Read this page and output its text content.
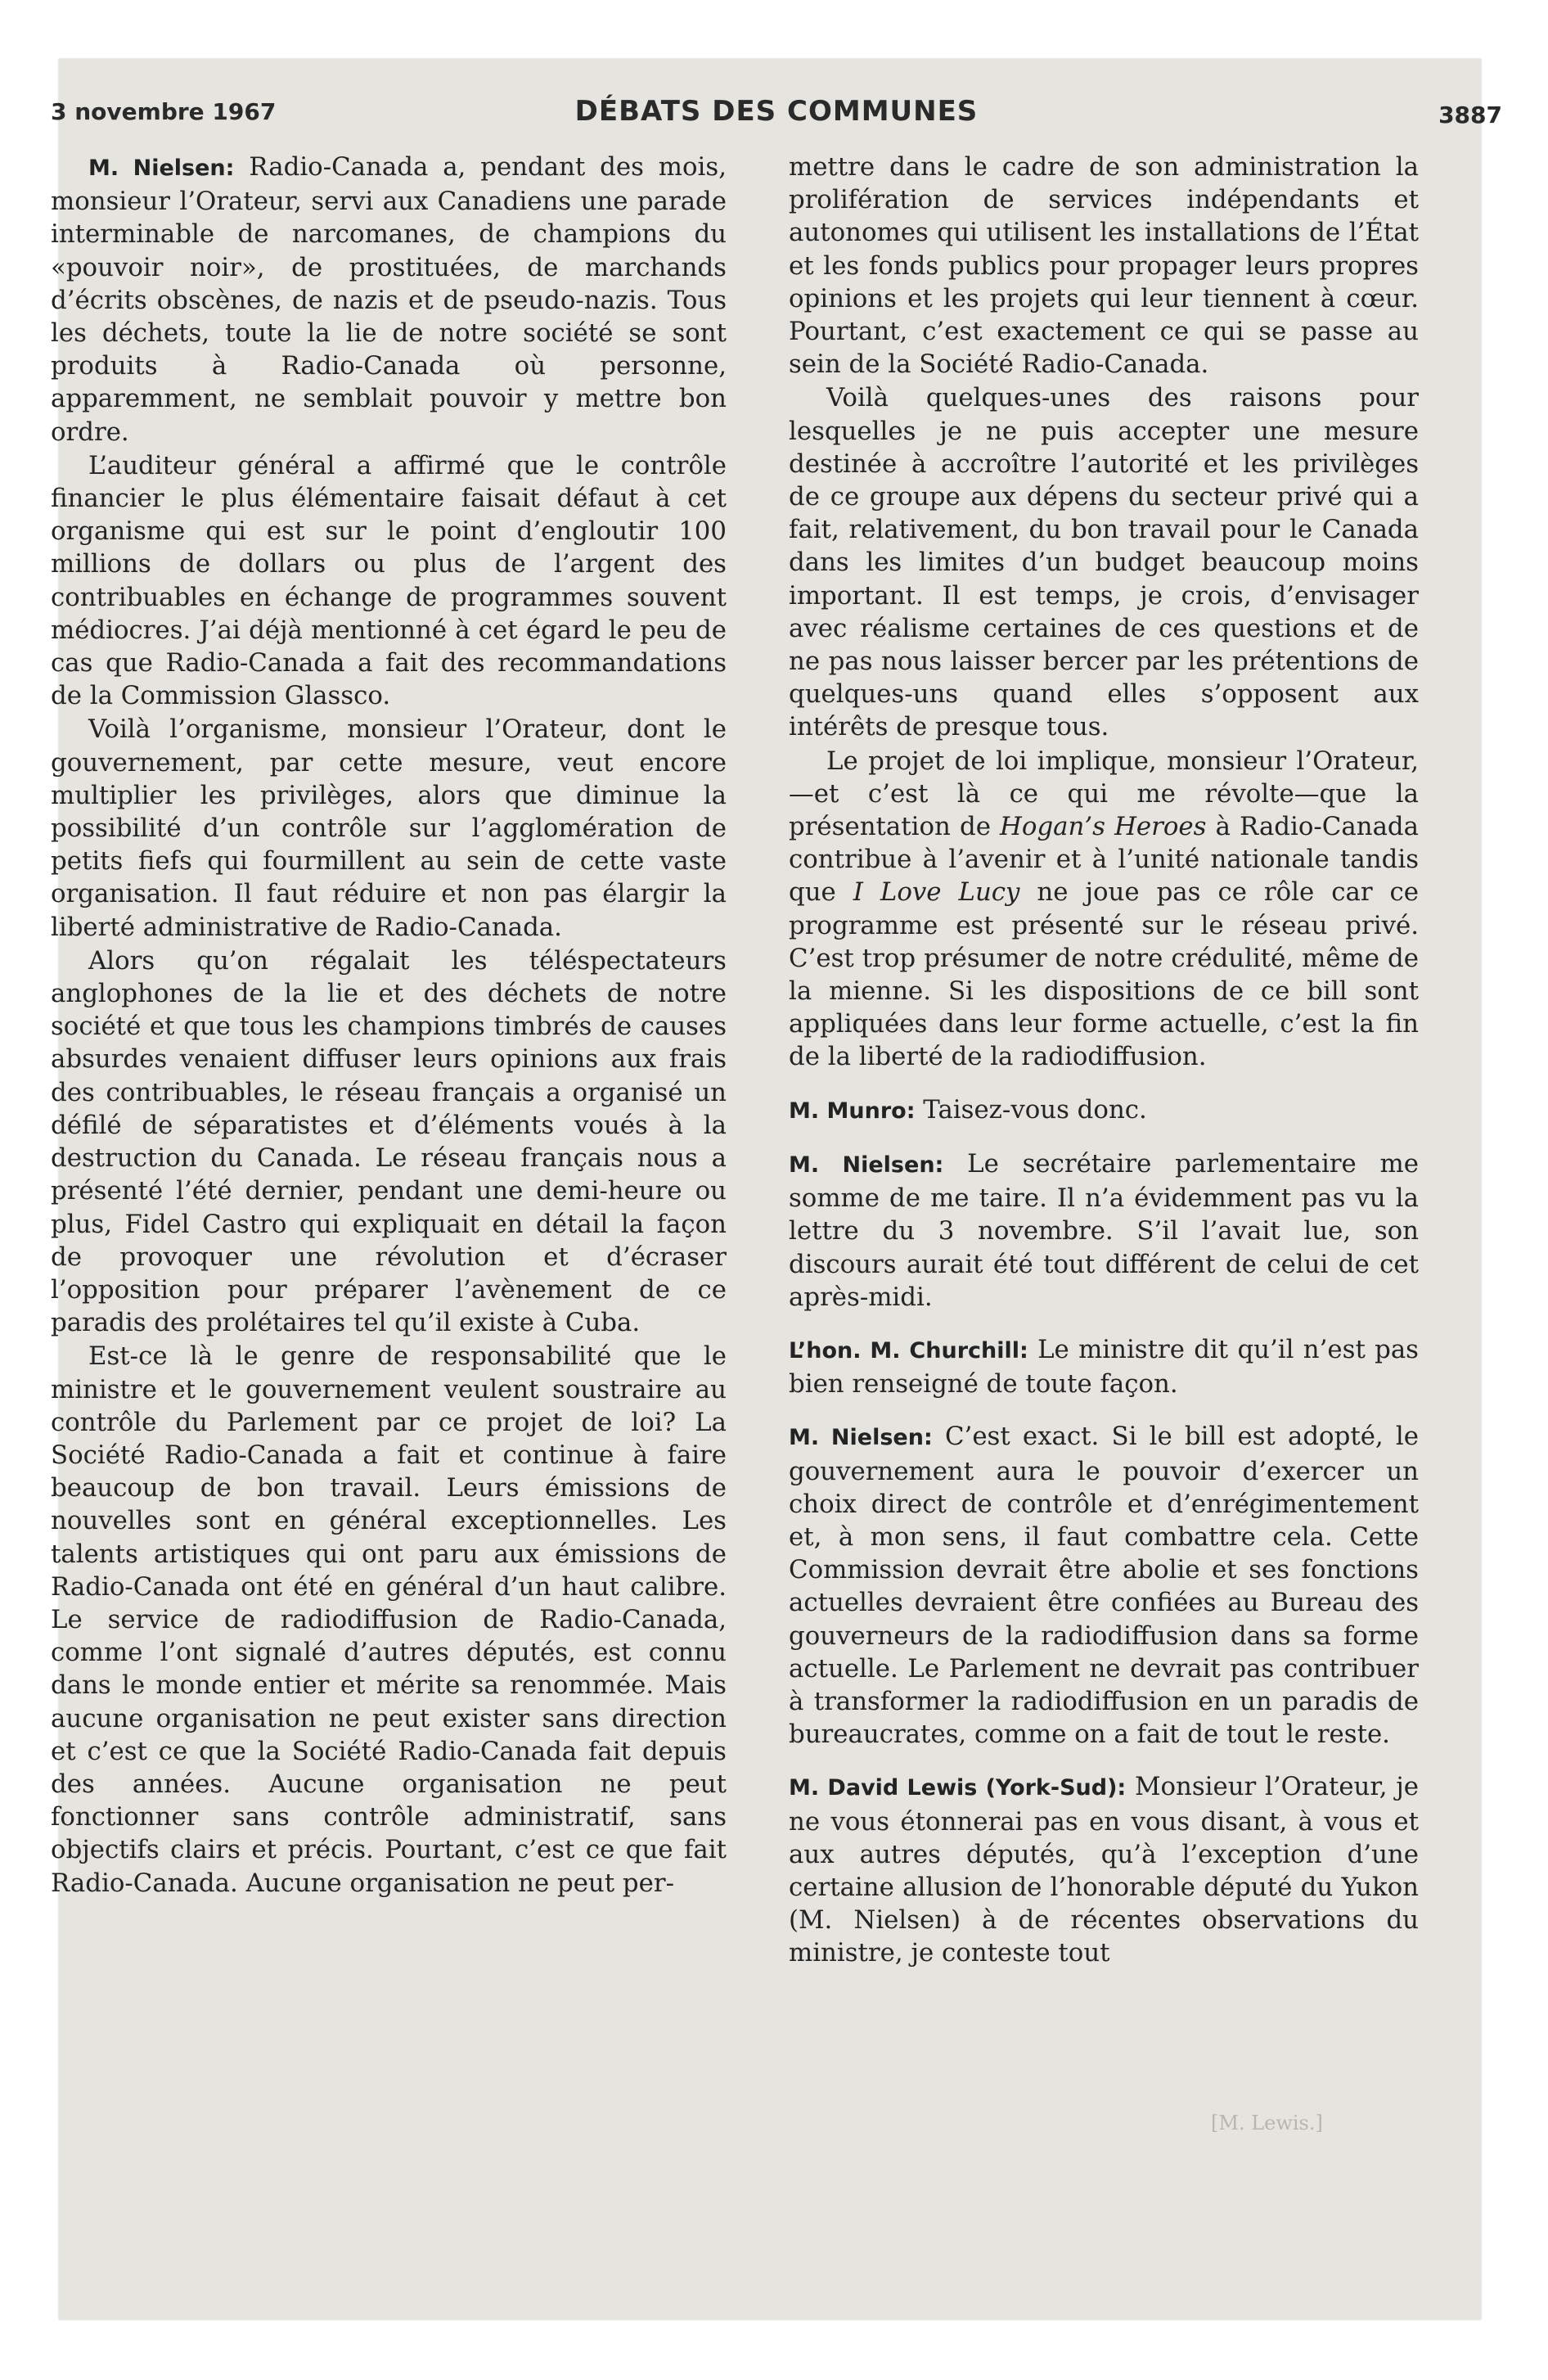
3 novembre 1967	DÉBATS DES COMMUNES	3887

M. Nielsen: Radio-Canada a, pendant des mois, monsieur l’Orateur, servi aux Canadiens une parade interminable de narcomanes, de champions du «pouvoir noir», de prostituées, de marchands d’écrits obscènes, de nazis et de pseudo-nazis. Tous les déchets, toute la lie de notre société se sont produits à Radio-Canada où personne, apparemment, ne semblait pouvoir y mettre bon ordre.

L’auditeur général a affirmé que le contrôle financier le plus élémentaire faisait défaut à cet organisme qui est sur le point d’engloutir 100 millions de dollars ou plus de l’argent des contribuables en échange de programmes souvent médiocres. J’ai déjà mentionné à cet égard le peu de cas que Radio-Canada a fait des recommandations de la Commission Glassco.

Voilà l’organisme, monsieur l’Orateur, dont le gouvernement, par cette mesure, veut encore multiplier les privilèges, alors que diminue la possibilité d’un contrôle sur l’agglomération de petits fiefs qui fourmillent au sein de cette vaste organisation. Il faut réduire et non pas élargir la liberté administrative de Radio-Canada.

Alors qu’on régalait les téléspectateurs anglophones de la lie et des déchets de notre société et que tous les champions timbrés de causes absurdes venaient diffuser leurs opinions aux frais des contribuables, le réseau français a organisé un défilé de séparatistes et d’éléments voués à la destruction du Canada. Le réseau français nous a présenté l’été dernier, pendant une demi-heure ou plus, Fidel Castro qui expliquait en détail la façon de provoquer une révolution et d’écraser l’opposition pour préparer l’avènement de ce paradis des prolétaires tel qu’il existe à Cuba.

Est-ce là le genre de responsabilité que le ministre et le gouvernement veulent soustraire au contrôle du Parlement par ce projet de loi? La Société Radio-Canada a fait et continue à faire beaucoup de bon travail. Leurs émissions de nouvelles sont en général exceptionnelles. Les talents artistiques qui ont paru aux émissions de Radio-Canada ont été en général d’un haut calibre. Le service de radiodiffusion de Radio-Canada, comme l’ont signalé d’autres députés, est connu dans le monde entier et mérite sa renommée. Mais aucune organisation ne peut exister sans direction et c’est ce que la Société Radio-Canada fait depuis des années. Aucune organisation ne peut fonctionner sans contrôle administratif, sans objectifs clairs et précis. Pourtant, c’est ce que fait Radio-Canada. Aucune organisation ne peut per-

mettre dans le cadre de son administration la prolifération de services indépendants et autonomes qui utilisent les installations de l’État et les fonds publics pour propager leurs propres opinions et les projets qui leur tiennent à cœur. Pourtant, c’est exactement ce qui se passe au sein de la Société Radio-Canada.

Voilà quelques-unes des raisons pour lesquelles je ne puis accepter une mesure destinée à accroître l’autorité et les privilèges de ce groupe aux dépens du secteur privé qui a fait, relativement, du bon travail pour le Canada dans les limites d’un budget beaucoup moins important. Il est temps, je crois, d’envisager avec réalisme certaines de ces questions et de ne pas nous laisser bercer par les prétentions de quelques-uns quand elles s’opposent aux intérêts de presque tous.

Le projet de loi implique, monsieur l’Orateur,—et c’est là ce qui me révolte—que la présentation de Hogan’s Heroes à Radio-Canada contribue à l’avenir et à l’unité nationale tandis que I Love Lucy ne joue pas ce rôle car ce programme est présenté sur le réseau privé. C’est trop présumer de notre crédulité, même de la mienne. Si les dispositions de ce bill sont appliquées dans leur forme actuelle, c’est la fin de la liberté de la radiodiffusion.

M. Munro: Taisez-vous donc.

M. Nielsen: Le secrétaire parlementaire me somme de me taire. Il n’a évidemment pas vu la lettre du 3 novembre. S’il l’avait lue, son discours aurait été tout différent de celui de cet après-midi.

L’hon. M. Churchill: Le ministre dit qu’il n’est pas bien renseigné de toute façon.

M. Nielsen: C’est exact. Si le bill est adopté, le gouvernement aura le pouvoir d’exercer un choix direct de contrôle et d’enrégimentement et, à mon sens, il faut combattre cela. Cette Commission devrait être abolie et ses fonctions actuelles devraient être confiées au Bureau des gouverneurs de la radiodiffusion dans sa forme actuelle. Le Parlement ne devrait pas contribuer à transformer la radiodiffusion en un paradis de bureaucrates, comme on a fait de tout le reste.

M. David Lewis (York-Sud): Monsieur l’Orateur, je ne vous étonnerai pas en vous disant, à vous et aux autres députés, qu’à l’exception d’une certaine allusion de l’honorable député du Yukon (M. Nielsen) à de récentes observations du ministre, je conteste tout

[M. Lewis.]
